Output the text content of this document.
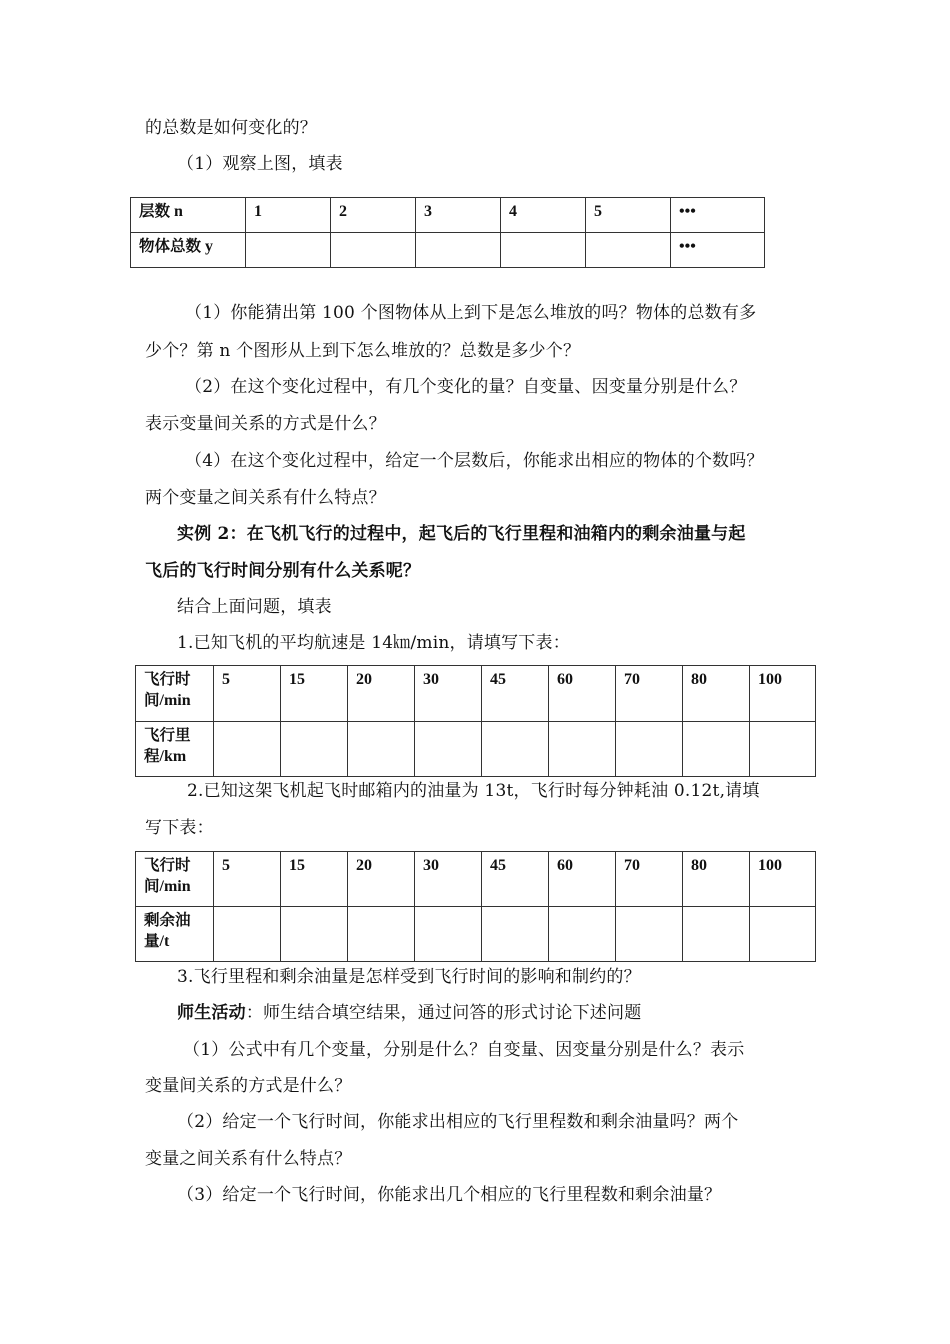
的总数是如何变化的？
（1）观察上图，填表
层数 n	1	2	3	4	5	•••
物体总数 y						•••
（1）你能猜出第 100 个图物体从上到下是怎么堆放的吗？物体的总数有多
少个？第 n 个图形从上到下怎么堆放的？总数是多少个？
（2）在这个变化过程中，有几个变化的量？自变量、因变量分别是什么？
表示变量间关系的方式是什么？
（4）在这个变化过程中，给定一个层数后，你能求出相应的物体的个数吗？
两个变量之间关系有什么特点？
实例 2：在飞机飞行的过程中，起飞后的飞行里程和油箱内的剩余油量与起
飞后的飞行时间分别有什么关系呢？
结合上面问题，填表
1.已知飞机的平均航速是 14㎞/min，请填写下表：
飞行时
间/min	5	15	20	30	45	60	70	80	100
飞行里
程/km									
2.已知这架飞机起飞时邮箱内的油量为 13t，飞行时每分钟耗油 0.12t,请填
写下表：
飞行时
间/min	5	15	20	30	45	60	70	80	100
剩余油
量/t									
3.飞行里程和剩余油量是怎样受到飞行时间的影响和制约的？
师生活动：师生结合填空结果，通过问答的形式讨论下述问题
（1）公式中有几个变量，分别是什么？自变量、因变量分别是什么？表示
变量间关系的方式是什么？
（2）给定一个飞行时间，你能求出相应的飞行里程数和剩余油量吗？两个
变量之间关系有什么特点？
（3）给定一个飞行时间，你能求出几个相应的飞行里程数和剩余油量？
